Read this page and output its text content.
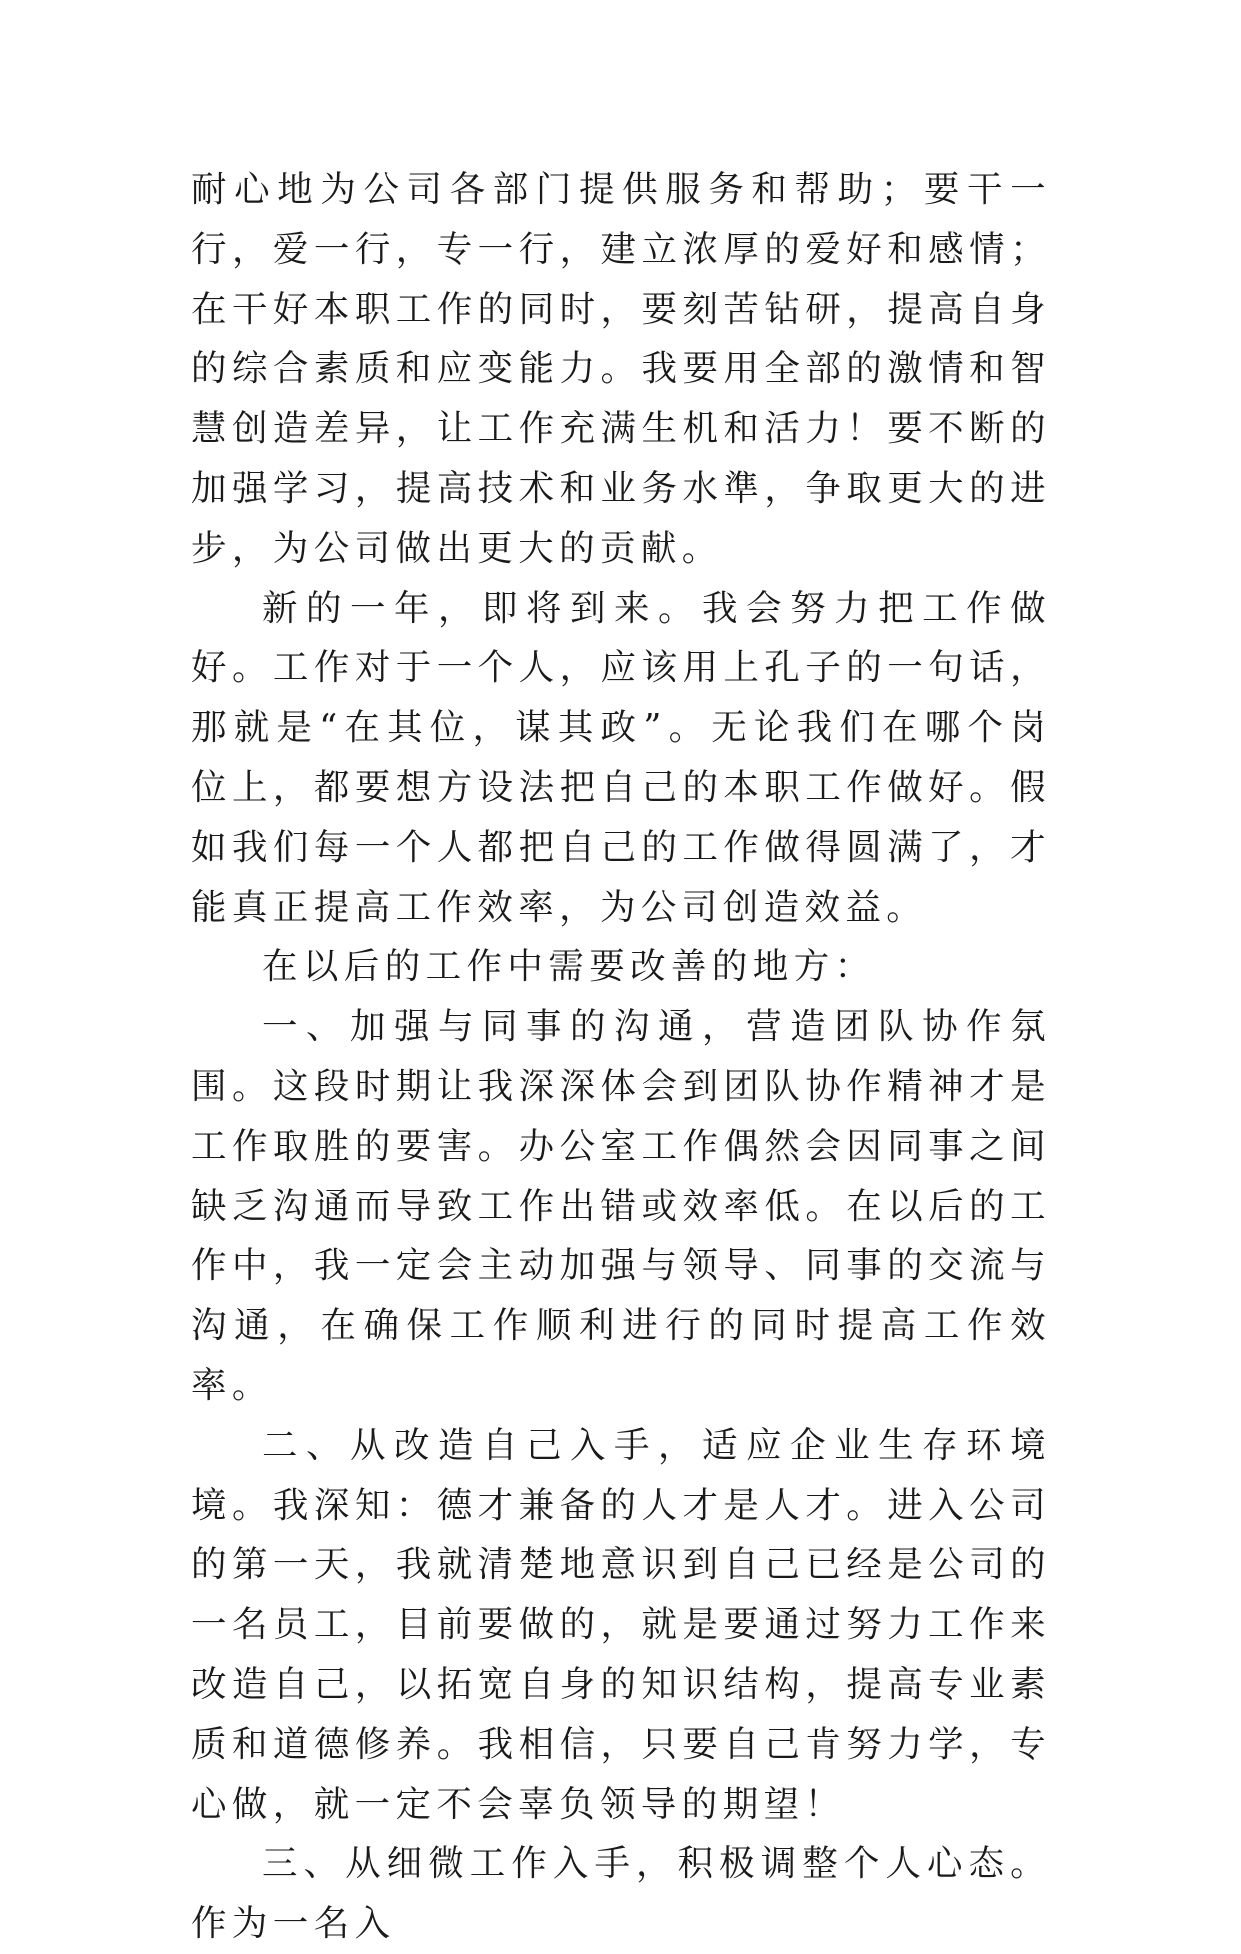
耐心地为公司各部门提供服务和帮助；要干一行，爱一行，专一行，建立浓厚的爱好和感情；在干好本职工作的同时，要刻苦钻研，提高自身的综合素质和应变能力。我要用全部的激情和智慧创造差异，让工作充满生机和活力！要不断的加强学习，提高技术和业务水準，争取更大的进步，为公司做出更大的贡献。

新的一年，即将到来。我会努力把工作做好。工作对于一个人，应该用上孔子的一句话，那就是“在其位，谋其政”。无论我们在哪个岗位上，都要想方设法把自己的本职工作做好。假如我们每一个人都把自己的工作做得圆满了，才能真正提高工作效率，为公司创造效益。

在以后的工作中需要改善的地方：

一、加强与同事的沟通，营造团队协作氛围。这段时期让我深深体会到团队协作精神才是工作取胜的要害。办公室工作偶然会因同事之间缺乏沟通而导致工作出错或效率低。在以后的工作中，我一定会主动加强与领导、同事的交流与沟通，在确保工作顺利进行的同时提高工作效率。

二、从改造自己入手，适应企业生存环境境。我深知：德才兼备的人才是人才。进入公司的第一天，我就清楚地意识到自己已经是公司的一名员工，目前要做的，就是要通过努力工作来改造自己，以拓宽自身的知识结构，提高专业素质和道德修养。我相信，只要自己肯努力学，专心做，就一定不会辜负领导的期望！

三、从细微工作入手，积极调整个人心态。作为一名入
